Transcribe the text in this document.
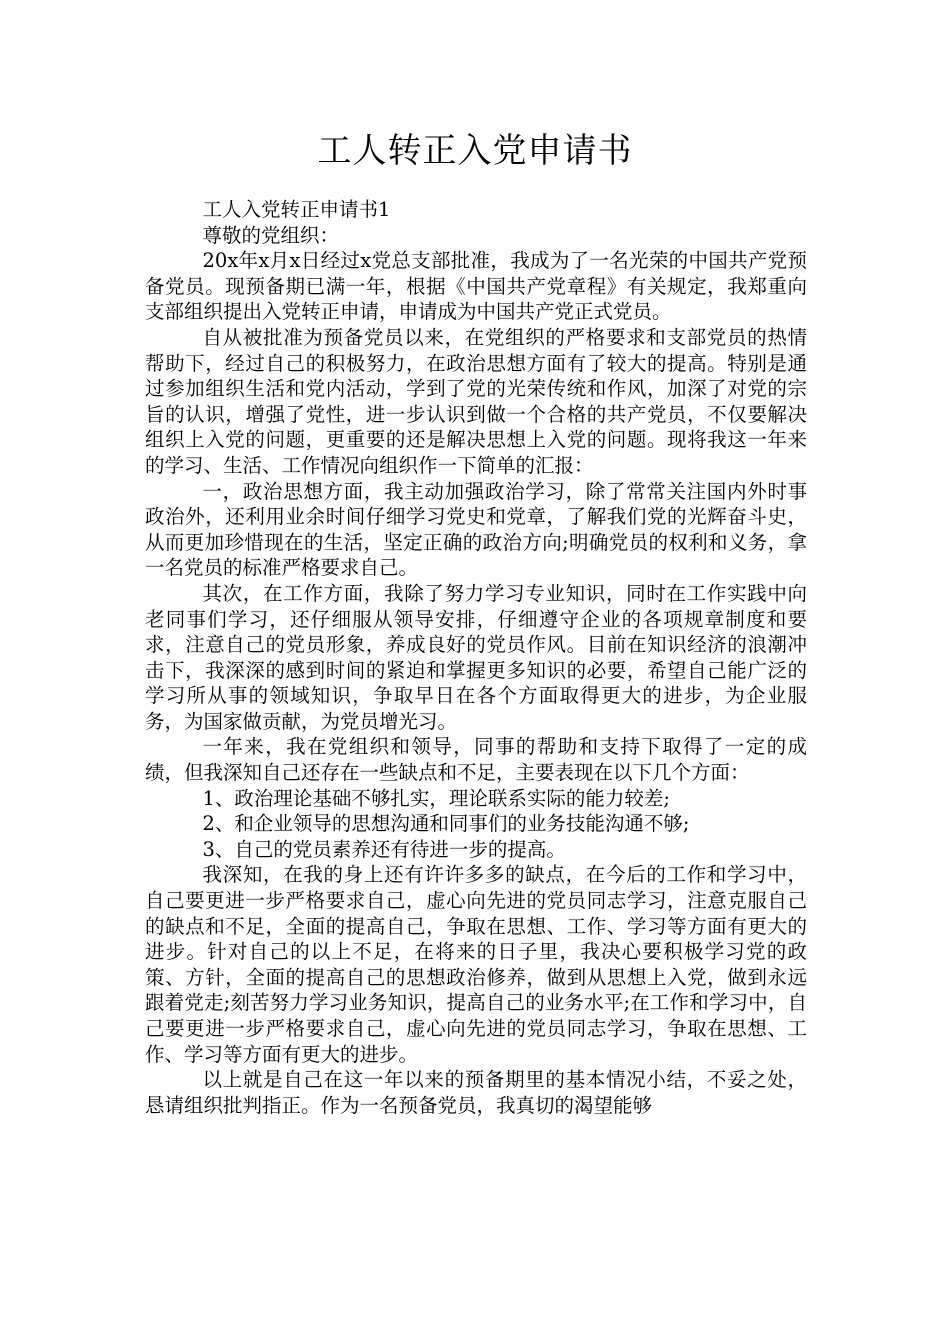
工人转正入党申请书

工人入党转正申请书1

尊敬的党组织：

20x年x月x日经过x党总支部批准，我成为了一名光荣的中国共产党预备党员。现预备期已满一年，根据《中国共产党章程》有关规定，我郑重向支部组织提出入党转正申请，申请成为中国共产党正式党员。

自从被批准为预备党员以来，在党组织的严格要求和支部党员的热情帮助下，经过自己的积极努力，在政治思想方面有了较大的提高。特别是通过参加组织生活和党内活动，学到了党的光荣传统和作风，加深了对党的宗旨的认识，增强了党性，进一步认识到做一个合格的共产党员，不仅要解决组织上入党的问题，更重要的还是解决思想上入党的问题。现将我这一年来的学习、生活、工作情况向组织作一下简单的汇报：

一，政治思想方面，我主动加强政治学习，除了常常关注国内外时事政治外，还利用业余时间仔细学习党史和党章，了解我们党的光辉奋斗史，从而更加珍惜现在的生活，坚定正确的政治方向;明确党员的权利和义务，拿一名党员的标准严格要求自己。

其次，在工作方面，我除了努力学习专业知识，同时在工作实践中向老同事们学习，还仔细服从领导安排，仔细遵守企业的各项规章制度和要求，注意自己的党员形象，养成良好的党员作风。目前在知识经济的浪潮冲击下，我深深的感到时间的紧迫和掌握更多知识的必要，希望自己能广泛的学习所从事的领域知识，争取早日在各个方面取得更大的进步，为企业服务，为国家做贡献，为党员增光习。

一年来，我在党组织和领导，同事的帮助和支持下取得了一定的成绩，但我深知自己还存在一些缺点和不足，主要表现在以下几个方面：

1、政治理论基础不够扎实，理论联系实际的能力较差;

2、和企业领导的思想沟通和同事们的业务技能沟通不够;

3、自己的党员素养还有待进一步的提高。

我深知，在我的身上还有许许多多的缺点，在今后的工作和学习中，自己要更进一步严格要求自己，虚心向先进的党员同志学习，注意克服自己的缺点和不足，全面的提高自己，争取在思想、工作、学习等方面有更大的进步。针对自己的以上不足，在将来的日子里，我决心要积极学习党的政策、方针，全面的提高自己的思想政治修养，做到从思想上入党，做到永远跟着党走;刻苦努力学习业务知识，提高自己的业务水平;在工作和学习中，自己要更进一步严格要求自己，虚心向先进的党员同志学习，争取在思想、工作、学习等方面有更大的进步。

以上就是自己在这一年以来的预备期里的基本情况小结，不妥之处，恳请组织批判指正。作为一名预备党员，我真切的渴望能够
